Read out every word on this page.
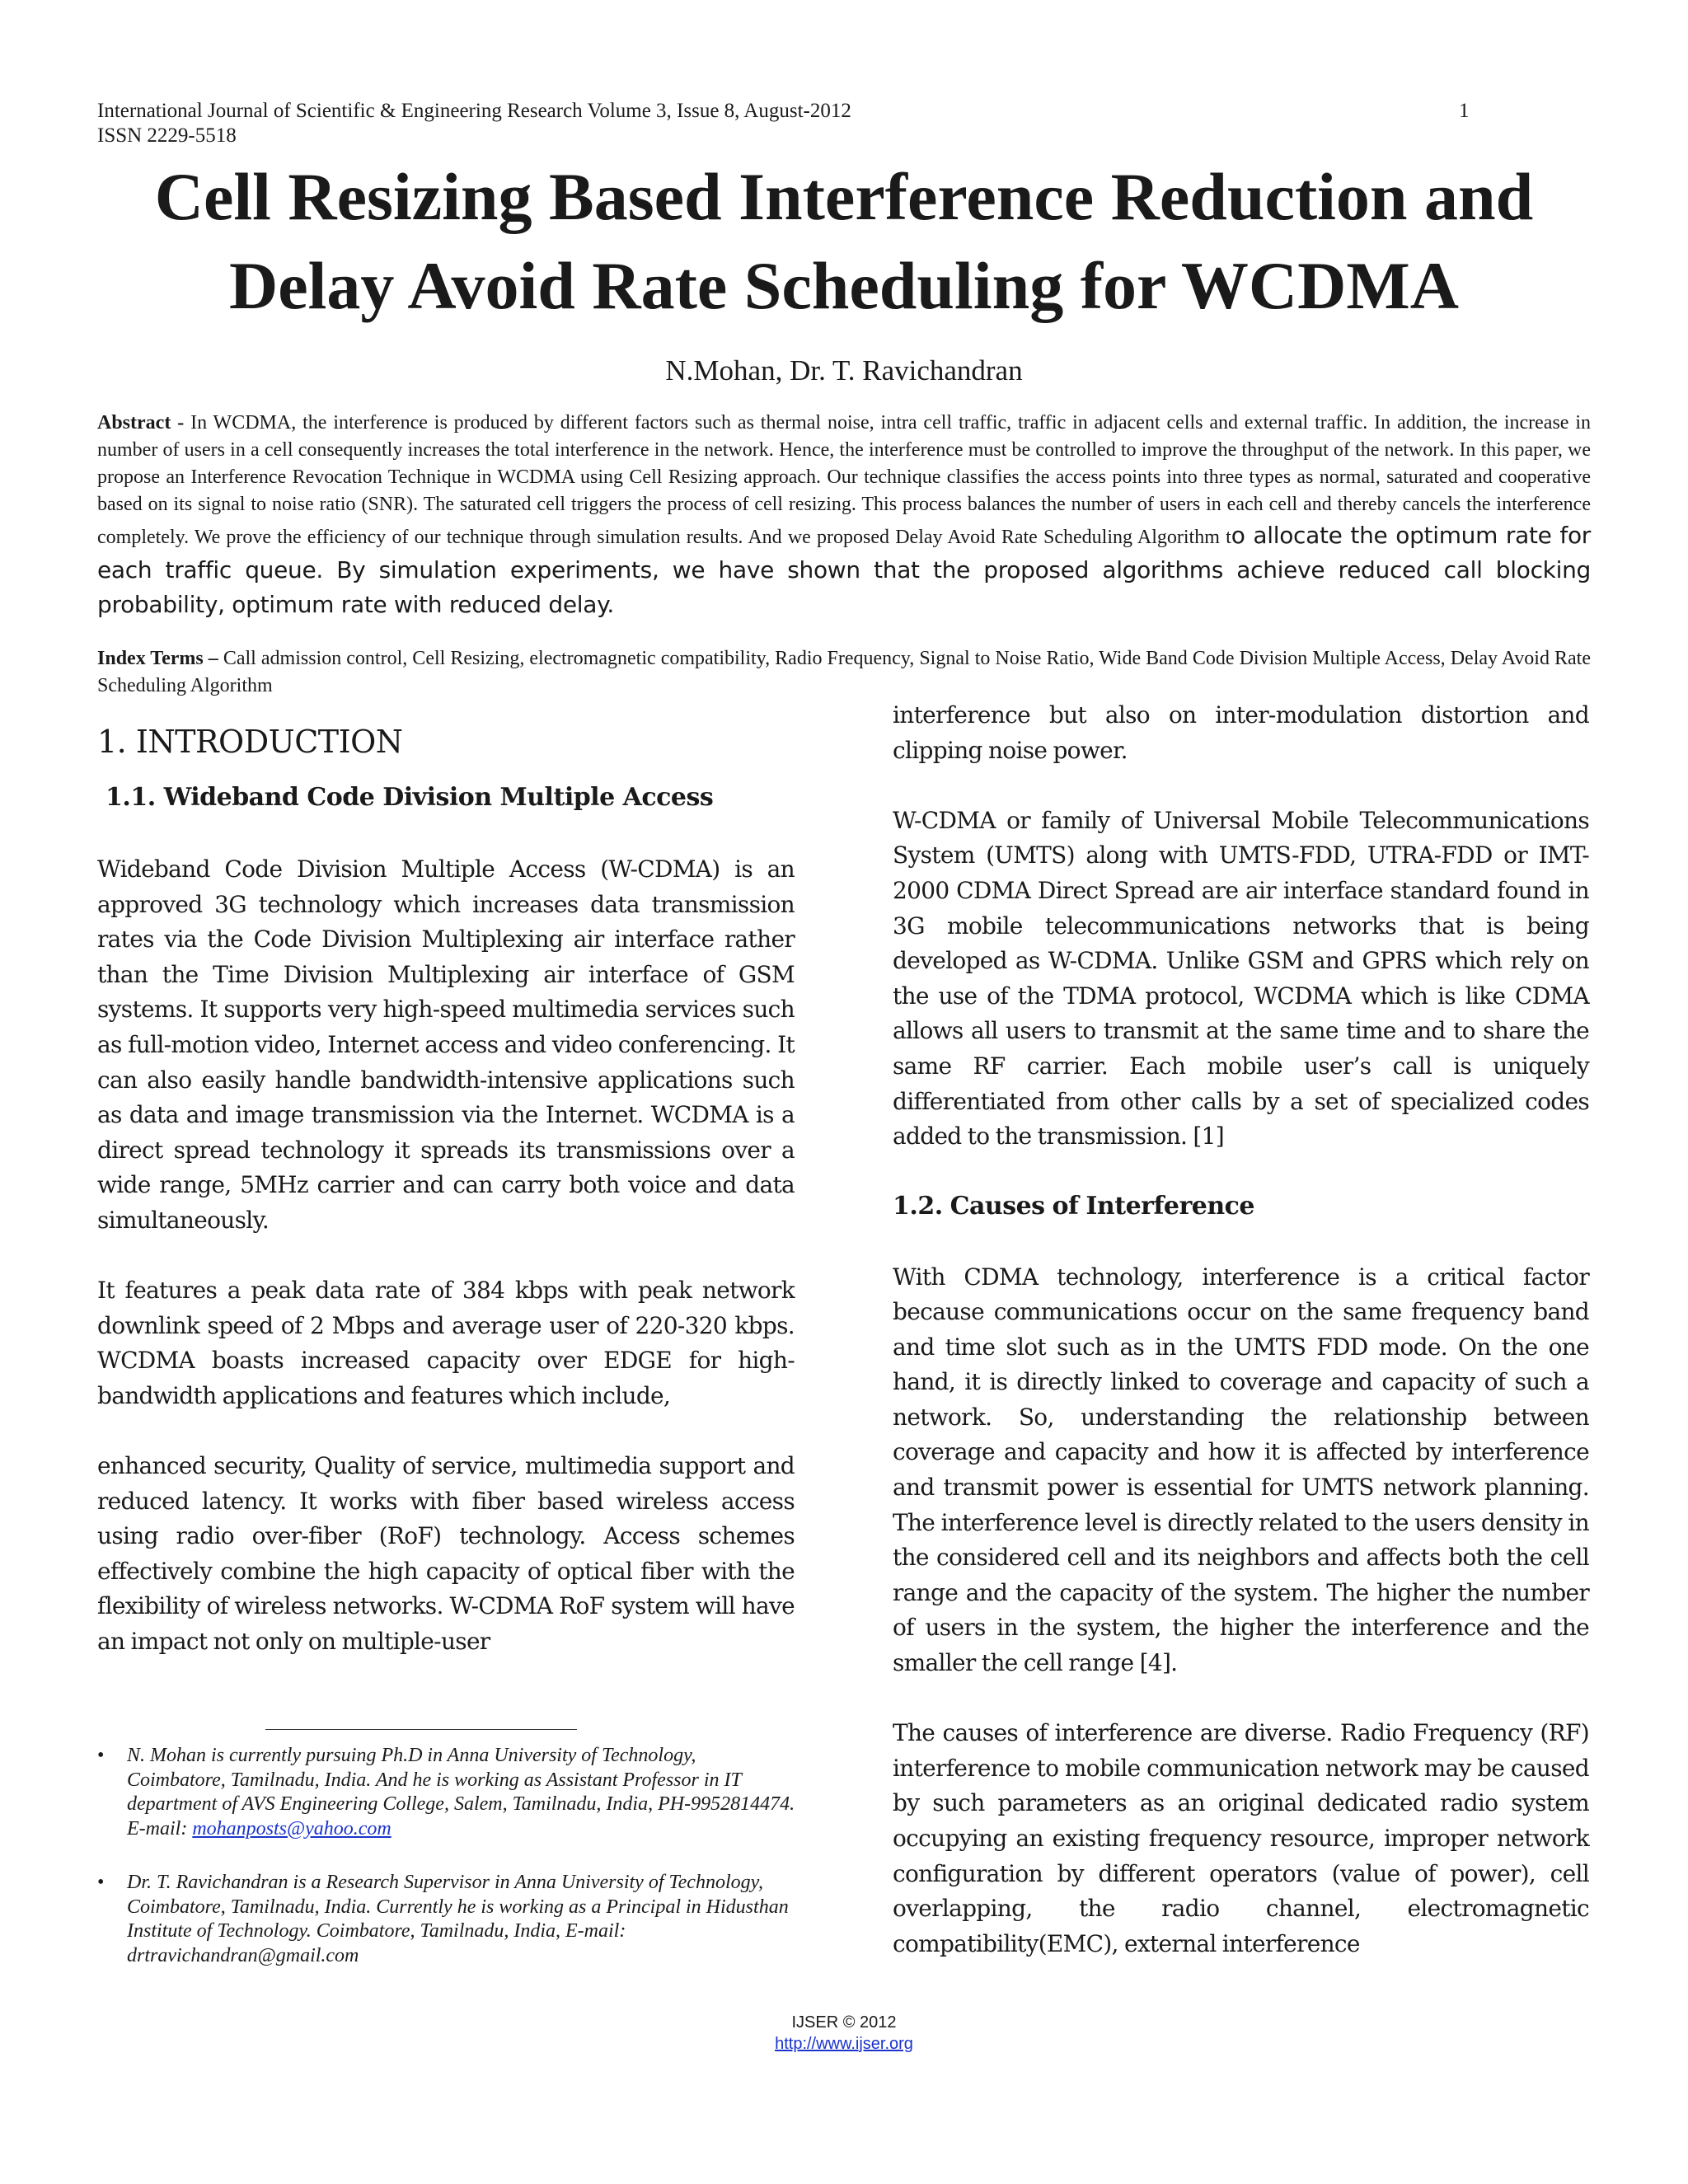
International Journal of Scientific & Engineering Research Volume 3, Issue 8, August-2012
ISSN 2229-5518
1
Cell Resizing Based Interference Reduction and
Delay Avoid Rate Scheduling for WCDMA
N.Mohan, Dr. T. Ravichandran

Abstract - In WCDMA, the interference is produced by different factors such as thermal noise, intra cell traffic, traffic in adjacent cells and external traffic. In addition, the increase in number of users in a cell consequently increases the total interference in the network. Hence, the interference must be controlled to improve the throughput of the network. In this paper, we propose an Interference Revocation Technique in WCDMA using Cell Resizing approach. Our technique classifies the access points into three types as normal, saturated and cooperative based on its signal to noise ratio (SNR). The saturated cell triggers the process of cell resizing. This process balances the number of users in each cell and thereby cancels the interference completely. We prove the efficiency of our technique through simulation results. And we proposed Delay Avoid Rate Scheduling Algorithm to allocate the optimum rate for each traffic queue. By simulation experiments, we have shown that the proposed algorithms achieve reduced call blocking probability, optimum rate with reduced delay.

Index Terms – Call admission control, Cell Resizing, electromagnetic compatibility, Radio Frequency, Signal to Noise Ratio, Wide Band Code Division Multiple Access, Delay Avoid Rate Scheduling Algorithm

1. INTRODUCTION
1.1. Wideband Code Division Multiple Access

Wideband Code Division Multiple Access (W-CDMA) is an approved 3G technology which increases data transmission rates via the Code Division Multiplexing air interface rather than the Time Division Multiplexing air interface of GSM systems. It supports very high-speed multimedia services such as full-motion video, Internet access and video conferencing. It can also easily handle bandwidth-intensive applications such as data and image transmission via the Internet. WCDMA is a direct spread technology it spreads its transmissions over a wide range, 5MHz carrier and can carry both voice and data simultaneously.

It features a peak data rate of 384 kbps with peak network downlink speed of 2 Mbps and average user of 220-320 kbps. WCDMA boasts increased capacity over EDGE for high-bandwidth applications and features which include,

enhanced security, Quality of service, multimedia support and reduced latency. It works with fiber based wireless access using radio over-fiber (RoF) technology. Access schemes effectively combine the high capacity of optical fiber with the flexibility of wireless networks. W-CDMA RoF system will have an impact not only on multiple-user

interference but also on inter-modulation distortion and clipping noise power.

W-CDMA or family of Universal Mobile Telecommunications System (UMTS) along with UMTS-FDD, UTRA-FDD or IMT-2000 CDMA Direct Spread are air interface standard found in 3G mobile telecommunications networks that is being developed as W-CDMA. Unlike GSM and GPRS which rely on the use of the TDMA protocol, WCDMA which is like CDMA allows all users to transmit at the same time and to share the same RF carrier. Each mobile user’s call is uniquely differentiated from other calls by a set of specialized codes added to the transmission. [1]

1.2. Causes of Interference

With CDMA technology, interference is a critical factor because communications occur on the same frequency band and time slot such as in the UMTS FDD mode. On the one hand, it is directly linked to coverage and capacity of such a network. So, understanding the relationship between coverage and capacity and how it is affected by interference and transmit power is essential for UMTS network planning. The interference level is directly related to the users density in the considered cell and its neighbors and affects both the cell range and the capacity of the system. The higher the number of users in the system, the higher the interference and the smaller the cell range [4].

The causes of interference are diverse. Radio Frequency (RF) interference to mobile communication network may be caused by such parameters as an original dedicated radio system occupying an existing frequency resource, improper network configuration by different operators (value of power), cell overlapping, the radio channel, electromagnetic compatibility(EMC), external interference

•	N. Mohan is currently pursuing Ph.D in Anna University of Technology, Coimbatore, Tamilnadu, India. And he is working as Assistant Professor in IT department of AVS Engineering College, Salem, Tamilnadu, India, PH-9952814474. E-mail: mohanposts@yahoo.com

•	Dr. T. Ravichandran is a Research Supervisor in Anna University of Technology, Coimbatore, Tamilnadu, India. Currently he is working as a Principal in Hidusthan Institute of Technology. Coimbatore, Tamilnadu, India, E-mail: drtravichandran@gmail.com

IJSER © 2012
http://www.ijser.org
